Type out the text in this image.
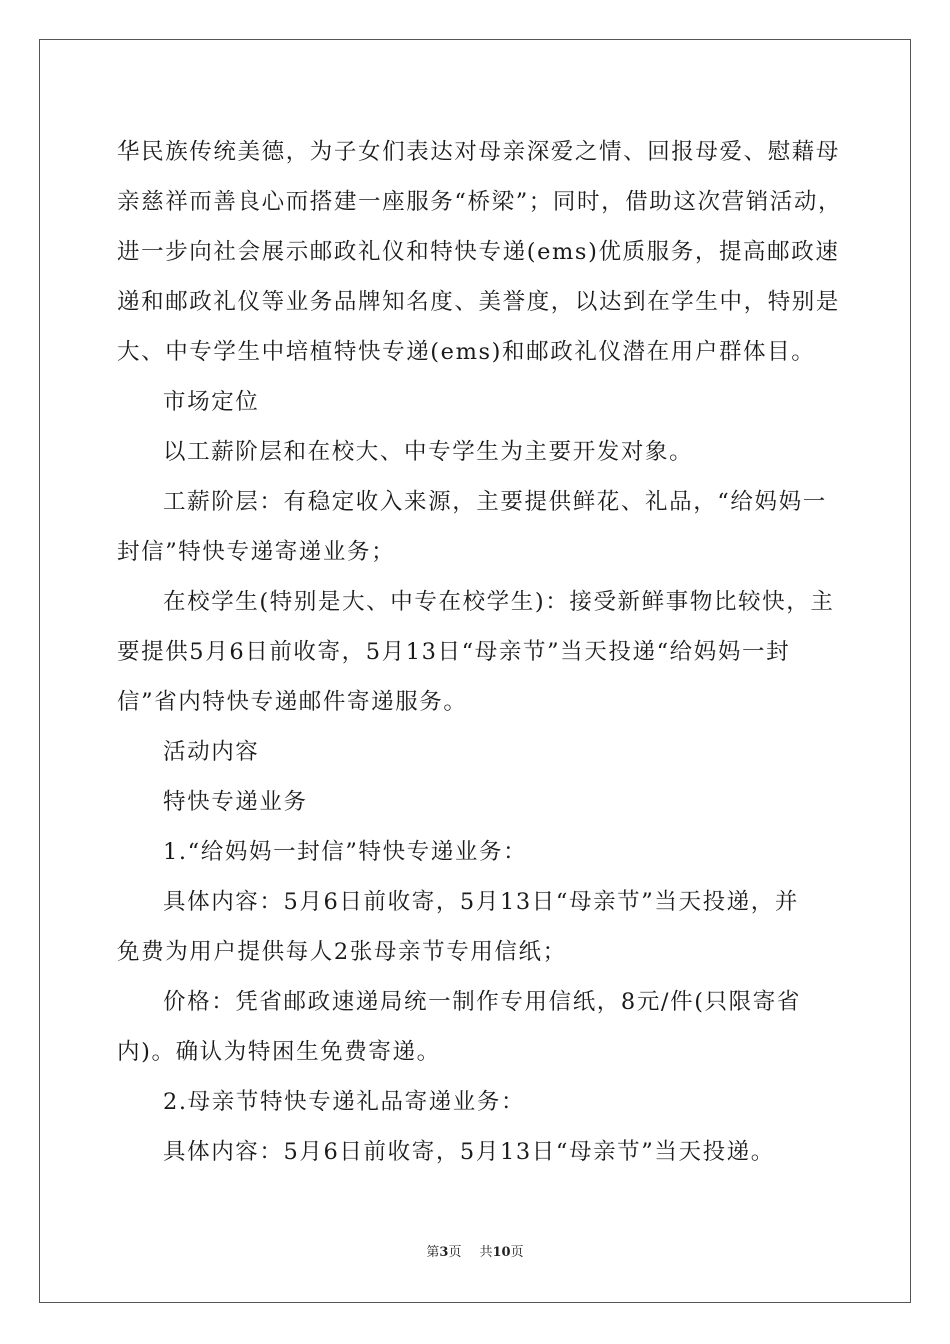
华民族传统美德，为子女们表达对母亲深爱之情、回报母爱、慰藉母
亲慈祥而善良心而搭建一座服务“桥梁”；同时，借助这次营销活动，
进一步向社会展示邮政礼仪和特快专递(ems)优质服务，提高邮政速
递和邮政礼仪等业务品牌知名度、美誉度，以达到在学生中，特别是
大、中专学生中培植特快专递(ems)和邮政礼仪潜在用户群体目。
市场定位
以工薪阶层和在校大、中专学生为主要开发对象。
工薪阶层：有稳定收入来源，主要提供鲜花、礼品，“给妈妈一
封信”特快专递寄递业务；
在校学生(特别是大、中专在校学生)：接受新鲜事物比较快，主
要提供5月6日前收寄，5月13日“母亲节”当天投递“给妈妈一封
信”省内特快专递邮件寄递服务。
活动内容
特快专递业务
1.“给妈妈一封信”特快专递业务：
具体内容：5月6日前收寄，5月13日“母亲节”当天投递，并
免费为用户提供每人2张母亲节专用信纸；
价格：凭省邮政速递局统一制作专用信纸，8元/件(只限寄省
内)。确认为特困生免费寄递。
2.母亲节特快专递礼品寄递业务：
具体内容：5月6日前收寄，5月13日“母亲节”当天投递。
第3页 共10页
